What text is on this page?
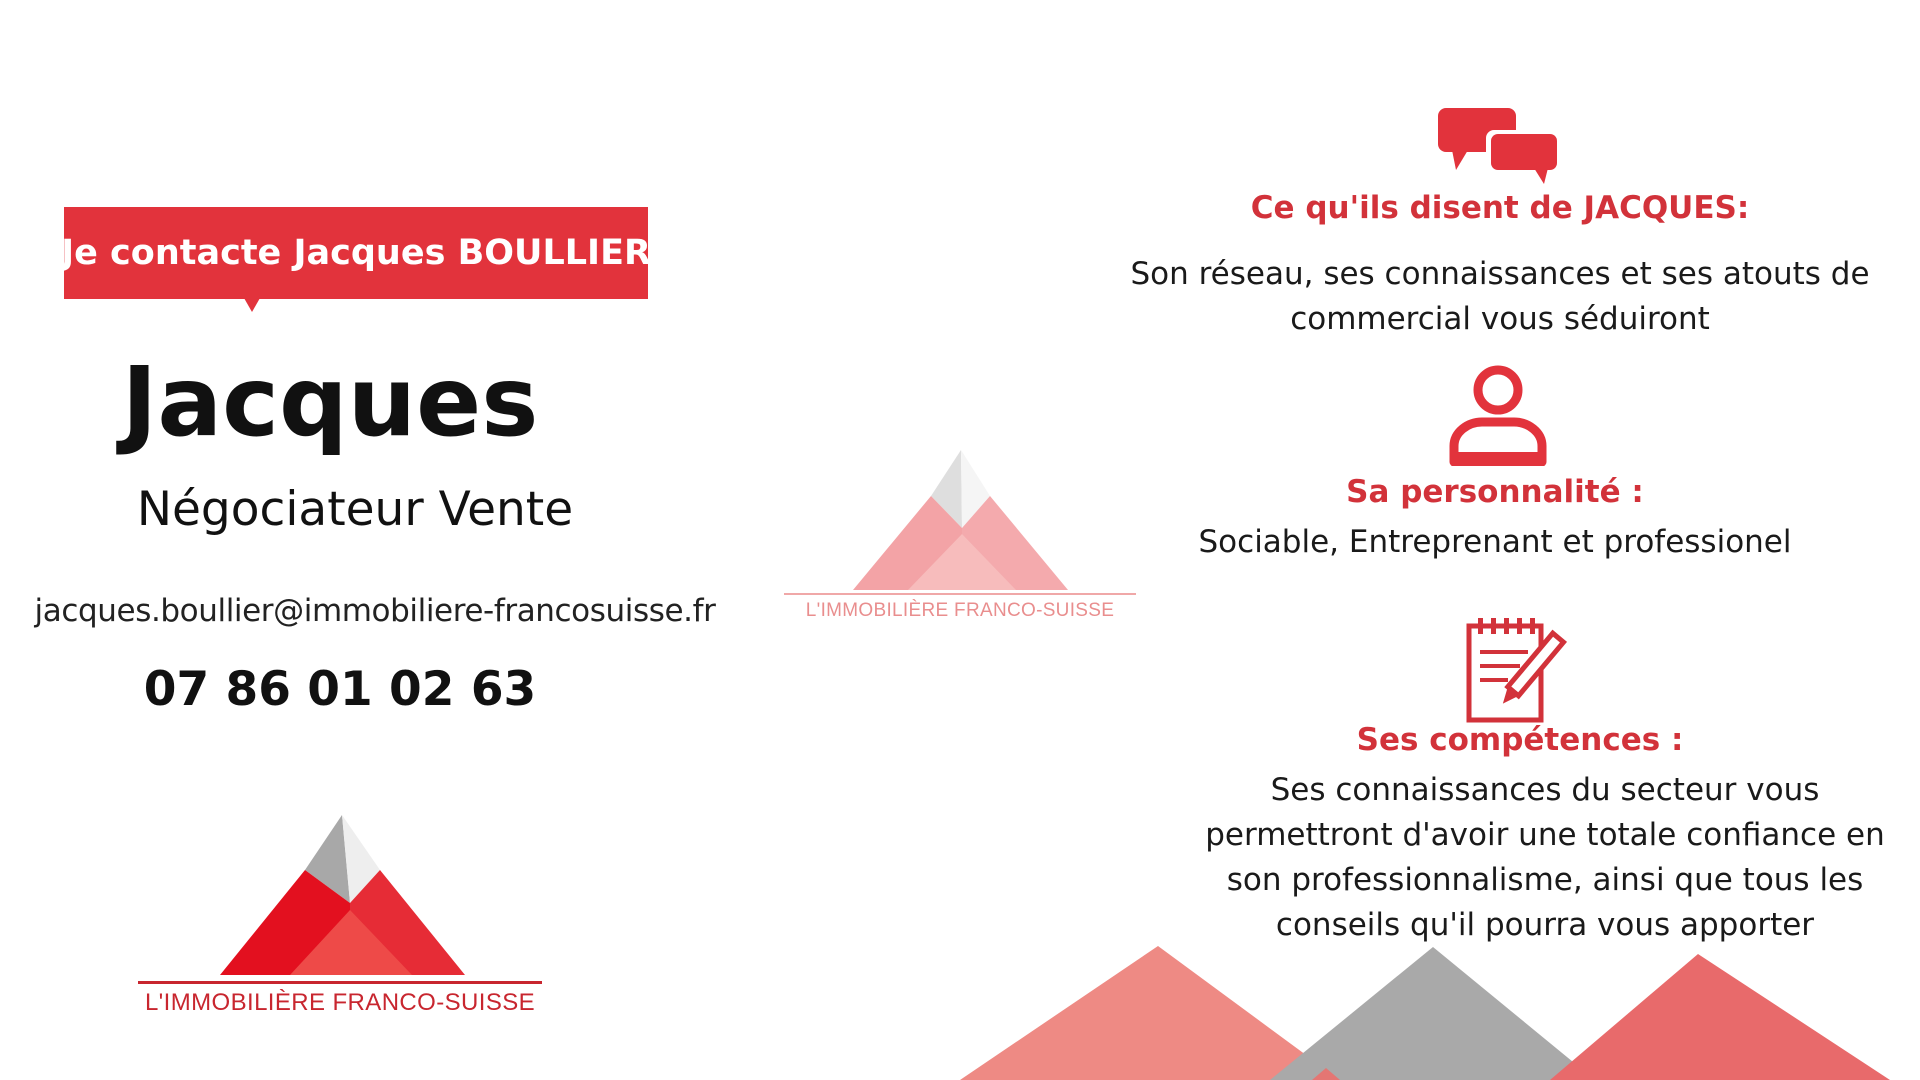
Je contacte Jacques BOULLIER
Jacques
Négociateur Vente
jacques.boullier@immobiliere-francosuisse.fr
07 86 01 02 63
L'IMMOBILIÈRE FRANCO-SUISSE
L'IMMOBILIÈRE FRANCO-SUISSE
Ce qu'ils disent de JACQUES:
Son réseau, ses connaissances et ses atouts de commercial vous séduiront
Sa personnalité :
Sociable, Entreprenant et professionel
Ses compétences :
Ses connaissances du secteur vous permettront d'avoir une totale confiance en son professionnalisme, ainsi que tous les conseils qu'il pourra vous apporter
